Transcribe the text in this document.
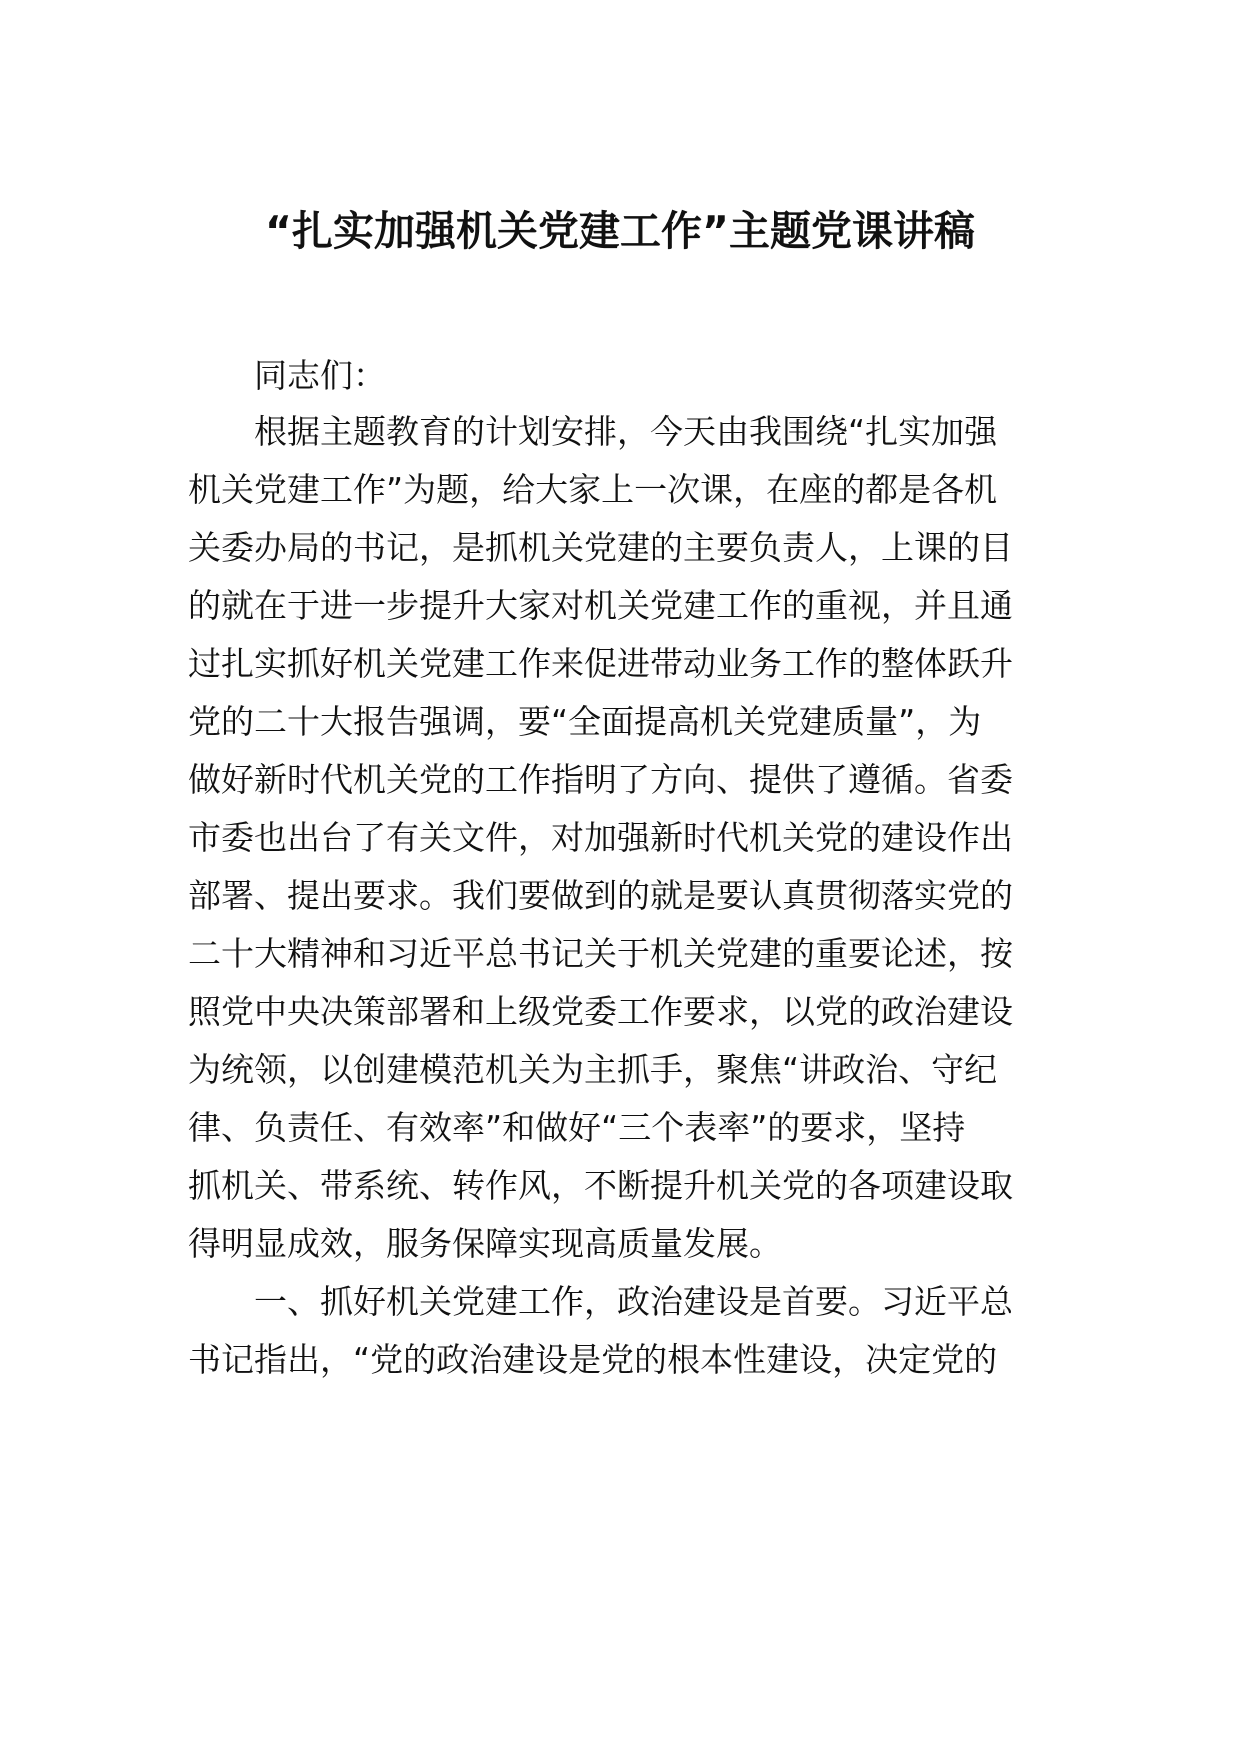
“扎实加强机关党建工作”主题党课讲稿

同志们：

根据主题教育的计划安排，今天由我围绕“扎实加强

机关党建工作”为题，给大家上一次课，在座的都是各机

关委办局的书记，是抓机关党建的主要负责人，上课的目

的就在于进一步提升大家对机关党建工作的重视，并且通

过扎实抓好机关党建工作来促进带动业务工作的整体跃升

党的二十大报告强调，要“全面提高机关党建质量”，为

做好新时代机关党的工作指明了方向、提供了遵循。省委

市委也出台了有关文件，对加强新时代机关党的建设作出

部署、提出要求。我们要做到的就是要认真贯彻落实党的

二十大精神和习近平总书记关于机关党建的重要论述，按

照党中央决策部署和上级党委工作要求，以党的政治建设

为统领，以创建模范机关为主抓手，聚焦“讲政治、守纪

律、负责任、有效率”和做好“三个表率”的要求，坚持

抓机关、带系统、转作风，不断提升机关党的各项建设取

得明显成效，服务保障实现高质量发展。

一、抓好机关党建工作，政治建设是首要。习近平总

书记指出，“党的政治建设是党的根本性建设，决定党的
